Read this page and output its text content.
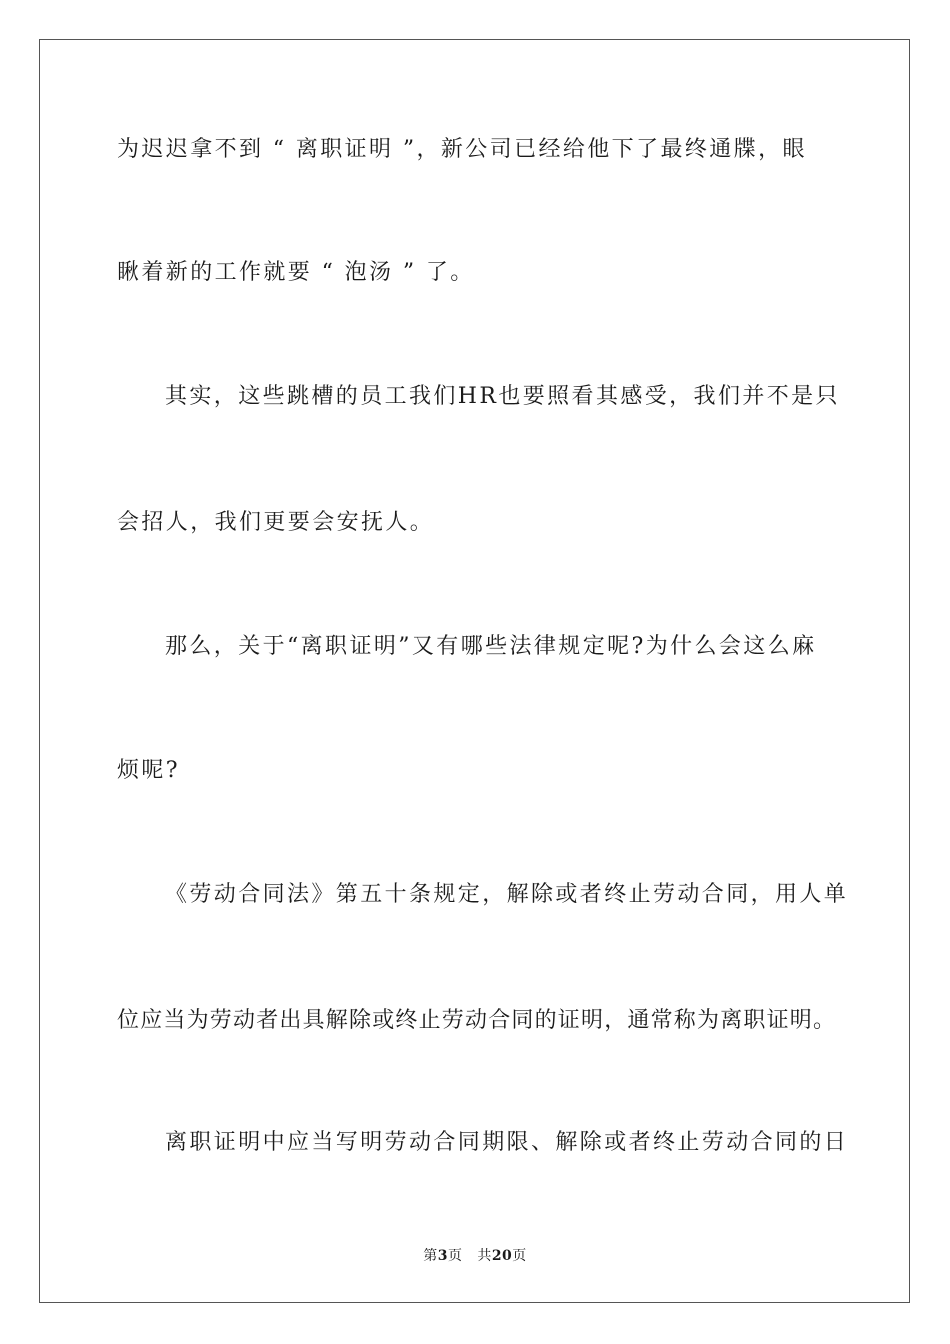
为迟迟拿不到 “ 离职证明 ”，新公司已经给他下了最终通牒，眼
瞅着新的工作就要 “ 泡汤 ” 了。
其实，这些跳槽的员工我们HR也要照看其感受，我们并不是只
会招人，我们更要会安抚人。
那么，关于“离职证明”又有哪些法律规定呢?为什么会这么麻
烦呢?
《劳动合同法》第五十条规定，解除或者终止劳动合同，用人单
位应当为劳动者出具解除或终止劳动合同的证明，通常称为离职证明。
离职证明中应当写明劳动合同期限、解除或者终止劳动合同的日
第3页 共20页
